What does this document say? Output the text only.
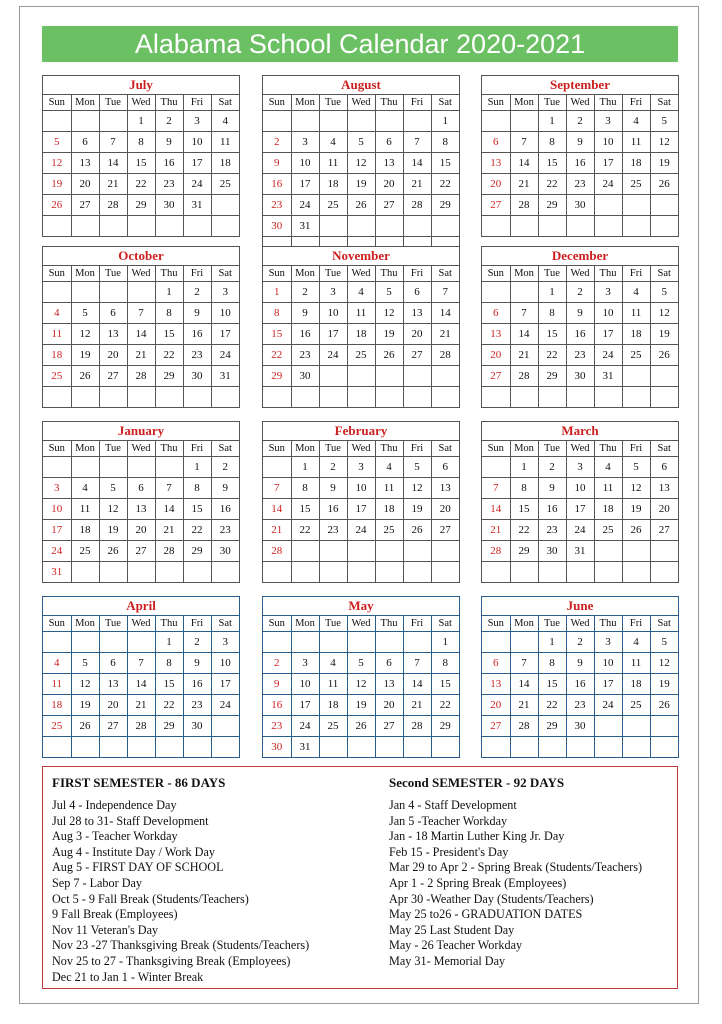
Alabama School Calendar 2020-2021
July
Sun	Mon	Tue	Wed	Thu	Fri	Sat
			1	2	3	4
5	6	7	8	9	10	11
12	13	14	15	16	17	18
19	20	21	22	23	24	25
26	27	28	29	30	31	

August
Sun	Mon	Tue	Wed	Thu	Fri	Sat
						1
2	3	4	5	6	7	8
9	10	11	12	13	14	15
16	17	18	19	20	21	22
23	24	25	26	27	28	29
30	31					

September
Sun	Mon	Tue	Wed	Thu	Fri	Sat
		1	2	3	4	5
6	7	8	9	10	11	12
13	14	15	16	17	18	19
20	21	22	23	24	25	26
27	28	29	30			

October
Sun	Mon	Tue	Wed	Thu	Fri	Sat
				1	2	3
4	5	6	7	8	9	10
11	12	13	14	15	16	17
18	19	20	21	22	23	24
25	26	27	28	29	30	31

November
Sun	Mon	Tue	Wed	Thu	Fri	Sat
1	2	3	4	5	6	7
8	9	10	11	12	13	14
15	16	17	18	19	20	21
22	23	24	25	26	27	28
29	30					

December
Sun	Mon	Tue	Wed	Thu	Fri	Sat
		1	2	3	4	5
6	7	8	9	10	11	12
13	14	15	16	17	18	19
20	21	22	23	24	25	26
27	28	29	30	31		

January
Sun	Mon	Tue	Wed	Thu	Fri	Sat
					1	2
3	4	5	6	7	8	9
10	11	12	13	14	15	16
17	18	19	20	21	22	23
24	25	26	27	28	29	30
31						
February
Sun	Mon	Tue	Wed	Thu	Fri	Sat
	1	2	3	4	5	6
7	8	9	10	11	12	13
14	15	16	17	18	19	20
21	22	23	24	25	26	27
28						

March
Sun	Mon	Tue	Wed	Thu	Fri	Sat
	1	2	3	4	5	6
7	8	9	10	11	12	13
14	15	16	17	18	19	20
21	22	23	24	25	26	27
28	29	30	31			

April
Sun	Mon	Tue	Wed	Thu	Fri	Sat
				1	2	3
4	5	6	7	8	9	10
11	12	13	14	15	16	17
18	19	20	21	22	23	24
25	26	27	28	29	30	

May
Sun	Mon	Tue	Wed	Thu	Fri	Sat
						1
2	3	4	5	6	7	8
9	10	11	12	13	14	15
16	17	18	19	20	21	22
23	24	25	26	27	28	29
30	31					
June
Sun	Mon	Tue	Wed	Thu	Fri	Sat
		1	2	3	4	5
6	7	8	9	10	11	12
13	14	15	16	17	18	19
20	21	22	23	24	25	26
27	28	29	30			

FIRST SEMESTER - 86 DAYS
Jul 4 - Independence Day
Jul 28 to 31- Staff Development
Aug 3 - Teacher Workday
Aug 4 - Institute Day / Work Day
Aug 5 - FIRST DAY OF SCHOOL
Sep 7 - Labor Day
Oct 5 - 9 Fall Break (Students/Teachers)
9 Fall Break (Employees)
Nov 11 Veteran's Day
Nov 23 -27 Thanksgiving Break (Students/Teachers)
Nov 25 to 27 - Thanksgiving Break (Employees)
Dec 21 to Jan 1 - Winter Break
Second SEMESTER - 92 DAYS
Jan 4 - Staff Development
Jan 5 -Teacher Workday
Jan - 18 Martin Luther King Jr. Day
Feb 15 - President's Day
Mar 29 to Apr 2 - Spring Break (Students/Teachers)
Apr 1 - 2 Spring Break (Employees)
Apr 30 -Weather Day (Students/Teachers)
May 25 to26 - GRADUATION DATES
May 25 Last Student Day
May - 26 Teacher Workday
May 31- Memorial Day
